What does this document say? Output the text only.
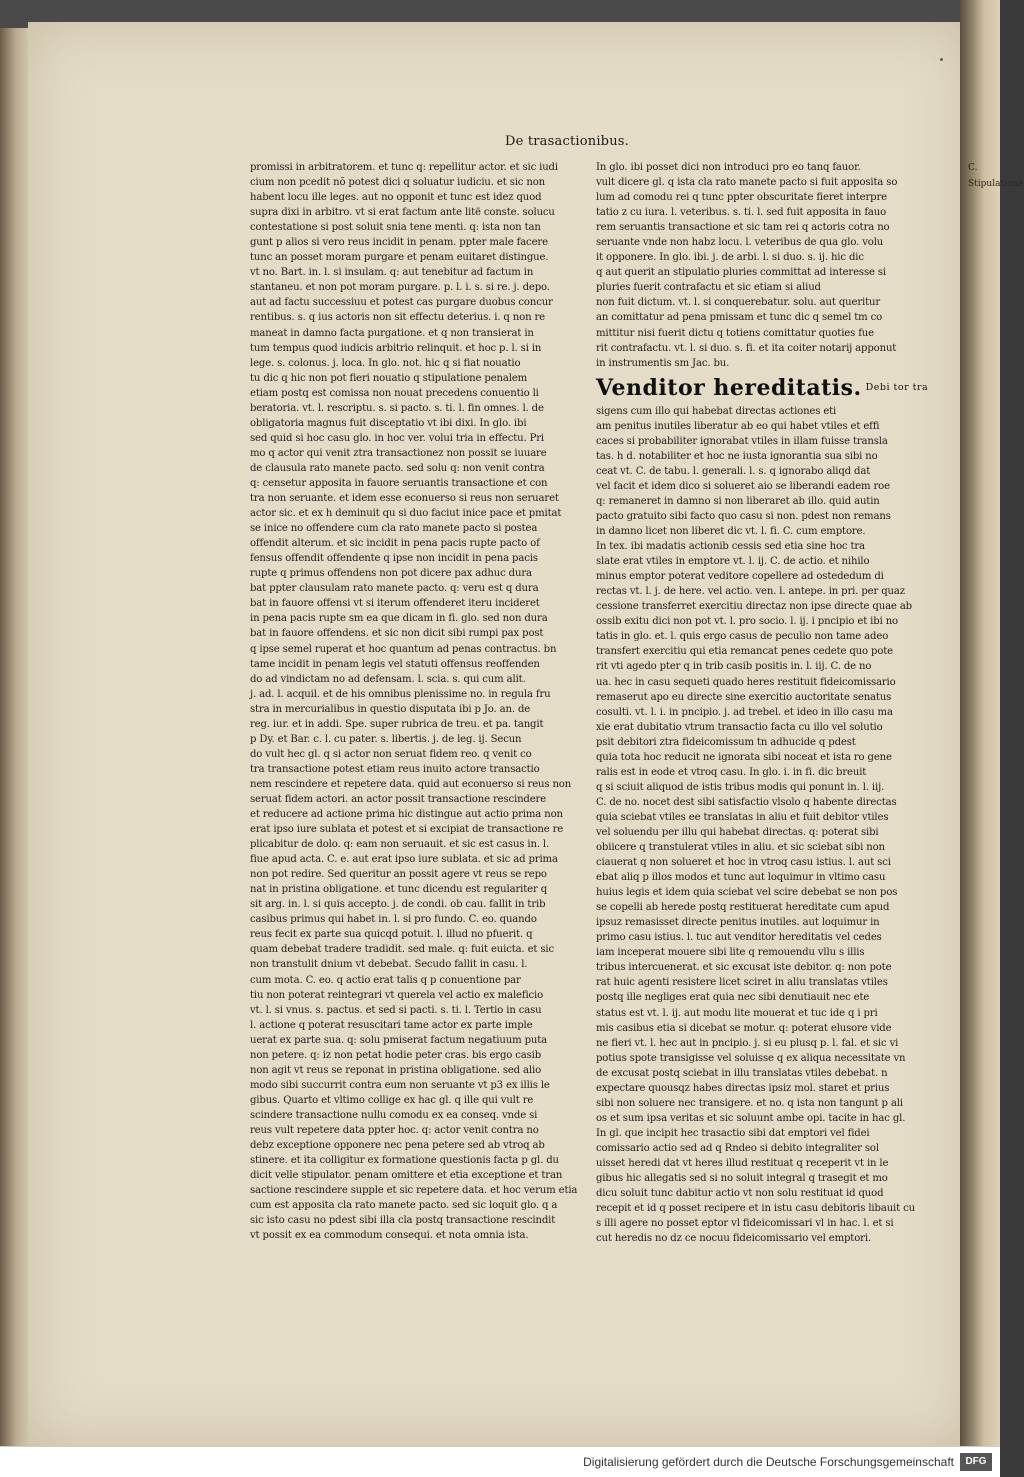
De trasactionibus.
promissi in arbitratorem. et tunc q: repellitur actor. et sic iudi
cium non pcedit nõ potest dici q soluatur iudiciu. et sic non
habent locu ille leges. aut no opponit et tunc est idez quod
supra dixi in arbitro. vt si erat factum ante litë conste. solucu
contestatione si post soluit snia tene menti. q: ista non tan
gunt p alios si vero reus incidit in penam. ppter male facere
tunc an posset moram purgare et penam euitaret distingue.
vt no. Bart. in. l. si insulam. q: aut tenebitur ad factum in
stantaneu. et non pot moram purgare. p. l. i. s. si re. j. depo.
aut ad factu successiuu et potest cas purgare duobus concur
rentibus. s. q ius actoris non sit effectu deterius. i. q non re
maneat in damno facta purgatione. et q non transierat in
tum tempus quod iudicis arbitrio relinquit. et hoc p. l. si in
lege. s. colonus. j. loca. In glo. not. hic q si fiat nouatio
tu dic q hic non pot fieri nouatio q stipulatione penalem
etiam postq est comissa non nouat precedens conuentio li
beratoria. vt. l. rescriptu. s. si pacto. s. ti. l. fin omnes. l. de
obligatoria magnus fuit disceptatio vt ibi dixi. In glo. ibi
sed quid si hoc casu glo. in hoc ver. volui tria in effectu. Pri
mo q actor qui venit ztra transactionez non possit se iuuare
de clausula rato manete pacto. sed solu q: non venit contra
q: censetur apposita in fauore seruantis transactione et con
tra non seruante. et idem esse econuerso si reus non seruaret
actor sic. et ex h deminuit qu si duo faciut inice pace et pmitat
se inice no offendere cum cla rato manete pacto si postea
offendit alterum. et sic incidit in pena pacis rupte pacto of
fensus offendit offendente q ipse non incidit in pena pacis
rupte q primus offendens non pot dicere pax adhuc dura
bat ppter clausulam rato manete pacto. q: veru est q dura
bat in fauore offensi vt si iterum offenderet iteru incideret
in pena pacis rupte sm ea que dicam in fi. glo. sed non dura
bat in fauore offendens. et sic non dicit sibi rumpi pax post
q ipse semel ruperat et hoc quantum ad penas contractus. bn
tame incidit in penam legis vel statuti offensus reoffenden
do ad vindictam no ad defensam. l. scia. s. qui cum alit.
j. ad. l. acquil. et de his omnibus plenissime no. in regula fru
stra in mercurialibus in questio disputata ibi p Jo. an. de
reg. iur. et in addi. Spe. super rubrica de treu. et pa. tangit
p Dy. et Bar. c. l. cu pater. s. libertis. j. de leg. ij. Secun
do vult hec gl. q si actor non seruat fidem reo. q venit co
tra transactione potest etiam reus inuito actore transactio
nem rescindere et repetere data. quid aut econuerso si reus non
seruat fidem actori. an actor possit transactione rescindere
et reducere ad actione prima hic distingue aut actio prima non
erat ipso iure sublata et potest et si excipiat de transactione re
plicabitur de dolo. q: eam non seruauit. et sic est casus in. l.
fiue apud acta. C. e. aut erat ipso iure sublata. et sic ad prima
non pot redire. Sed queritur an possit agere vt reus se repo
nat in pristina obligatione. et tunc dicendu est regulariter q
sit arg. in. l. si quis accepto. j. de condi. ob cau. fallit in trib
casibus primus qui habet in. l. si pro fundo. C. eo. quando
reus fecit ex parte sua quicqd potuit. l. illud no pfuerit. q
quam debebat tradere tradidit. sed male. q: fuit euicta. et sic
non transtulit dnium vt debebat. Secudo fallit in casu. l.
cum mota. C. eo. q actio erat talis q p conuentione par
tiu non poterat reintegrari vt querela vel actio ex maleficio
vt. l. si vnus. s. pactus. et sed si pacti. s. ti. l. Tertio in casu
l. actione q poterat resuscitari tame actor ex parte imple
uerat ex parte sua. q: solu pmiserat factum negatiuum puta
non petere. q: iz non petat hodie peter cras. bis ergo casib
non agit vt reus se reponat in pristina obligatione. sed alio
modo sibi succurrit contra eum non seruante vt p3 ex illis le
gibus. Quarto et vltimo collige ex hac gl. q ille qui vult re
scindere transactione nullu comodu ex ea conseq. vnde si
reus vult repetere data ppter hoc. q: actor venit contra no
debz exceptione opponere nec pena petere sed ab vtroq ab
stinere. et ita colligitur ex formatione questionis facta p gl. du
dicit velle stipulator. penam omittere et etia exceptione et tran
sactione rescindere supple et sic repetere data. et hoc verum etia
cum est apposita cla rato manete pacto. sed sic loquit glo. q a
sic isto casu no pdest sibi illa cla postq transactione rescindit
vt possit ex ea commodum consequi. et nota omnia ista.
In glo. ibi posset dici non introduci pro eo tanq fauor.
vult dicere gl. q ista cla rato manete pacto si fuit apposita so
lum ad comodu rei q tunc ppter obscuritate fieret interpre
tatio z cu iura. l. veteribus. s. ti. l. sed fuit apposita in fauo
rem seruantis transactione et sic tam rei q actoris cotra no
seruante vnde non habz locu. l. veteribus de qua glo. volu
it opponere. In glo. ibi. j. de arbi. l. si duo. s. ij. hic dic
q aut querit an stipulatio pluries committat ad interesse si
pluries fuerit contrafactu et sic etiam si aliud
non fuit dictum. vt. l. si conquerebatur. solu. aut queritur
an comittatur ad pena pmissam et tunc dic q semel tm co
mittitur nisi fuerit dictu q totiens comittatur quoties fue
rit contrafactu. vt. l. si duo. s. fi. et ita coiter notarij apponut
in instrumentis sm Jac. bu.
Venditor hereditatis. $^{Debi tor tra}$
sigens cum illo qui habebat directas actiones eti
am penitus inutiles liberatur ab eo qui habet vtiles et effi
caces si probabiliter ignorabat vtiles in illam fuisse transla
tas. h d. notabiliter et hoc ne iusta ignorantia sua sibi no
ceat vt. C. de tabu. l. generali. l. s. q ignorabo aliqd dat
vel facit et idem dico si solueret aio se liberandi eadem roe
q: remaneret in damno si non liberaret ab illo. quid autin
pacto gratuito sibi facto quo casu si non. pdest non remans
in damno licet non liberet dic vt. l. fi. C. cum emptore.
In tex. ibi madatis actionib cessis sed etia sine hoc tra
slate erat vtiles in emptore vt. l. ij. C. de actio. et nihilo
minus emptor poterat veditore copellere ad ostededum di
rectas vt. l. j. de here. vel actio. ven. l. antepe. in pri. per quaz
cessione transferret exercitiu directaz non ipse directe quae ab
ossib exitu dici non pot vt. l. pro socio. l. ij. i pncipio et ibi no
tatis in glo. et. l. quis ergo casus de peculio non tame adeo
transfert exercitiu qui etia remancat penes cedete quo pote
rit vti agedo pter q in trib casib positis in. l. iij. C. de no
ua. hec in casu sequeti quado heres restituit fideicomissario
remaserut apo eu directe sine exercitio auctoritate senatus
cosulti. vt. l. i. in pncipio. j. ad trebel. et ideo in illo casu ma
xie erat dubitatio vtrum transactio facta cu illo vel solutio
psit debitori ztra fideicomissum tn adhucide q pdest
quia tota hoc reducit ne ignorata sibi noceat et ista ro gene
ralis est in eode et vtroq casu. In glo. i. in fi. dic breuit
q si sciuit aliquod de istis tribus modis qui ponunt in. l. iij.
C. de no. nocet dest sibi satisfactio vlsolo q habente directas
quia sciebat vtiles ee translatas in aliu et fuit debitor vtiles
vel soluendu per illu qui habebat directas. q: poterat sibi
obiicere q transtulerat vtiles in aliu. et sic sciebat sibi non
ciauerat q non solueret et hoc in vtroq casu istius. l. aut sci
ebat aliq p illos modos et tunc aut loquimur in vltimo casu
huius legis et idem quia sciebat vel scire debebat se non pos
se copelli ab herede postq restituerat hereditate cum apud
ipsuz remasisset directe penitus inutiles. aut loquimur in
primo casu istius. l. tuc aut venditor hereditatis vel cedes
iam inceperat mouere sibi lite q remouendu vllu s illis
tribus intercuenerat. et sic excusat iste debitor. q: non pote
rat huic agenti resistere licet sciret in aliu translatas vtiles
postq ille negliges erat quia nec sibi denutiauit nec ete
status est vt. l. ij. aut modu lite mouerat et tuc ide q i pri
mis casibus etia si dicebat se motur. q: poterat elusore vide
ne fieri vt. l. hec aut in pncipio. j. si eu plusq p. l. fal. et sic vi
potius spote transigisse vel soluisse q ex aliqua necessitate vn
de excusat postq sciebat in illu translatas vtiles debebat. n
expectare quousqz habes directas ipsiz mol. staret et prius
sibi non soluere nec transigere. et no. q ista non tangunt p ali
os et sum ipsa veritas et sic soluunt ambe opi. tacite in hac gl.
In gl. que incipit hec trasactio sibi dat emptori vel fidei
comissario actio sed ad q Rndeo si debito integraliter sol
uisset heredi dat vt heres illud restituat q receperit vt in le
gibus hic allegatis sed si no soluit integral q trasegit et mo
dicu soluit tunc dabitur actio vt non solu restituat id quod
recepit et id q posset recipere et in istu casu debitoris libauit cu
s illi agere no posset eptor vl fideicomissari vl in hac. l. et si
cut heredis no dz ce nocuu fideicomissario vel emptori.
C. Stipulatione
Digitalisierung gefördert durch die Deutsche Forschungsgemeinschaft	DFG
